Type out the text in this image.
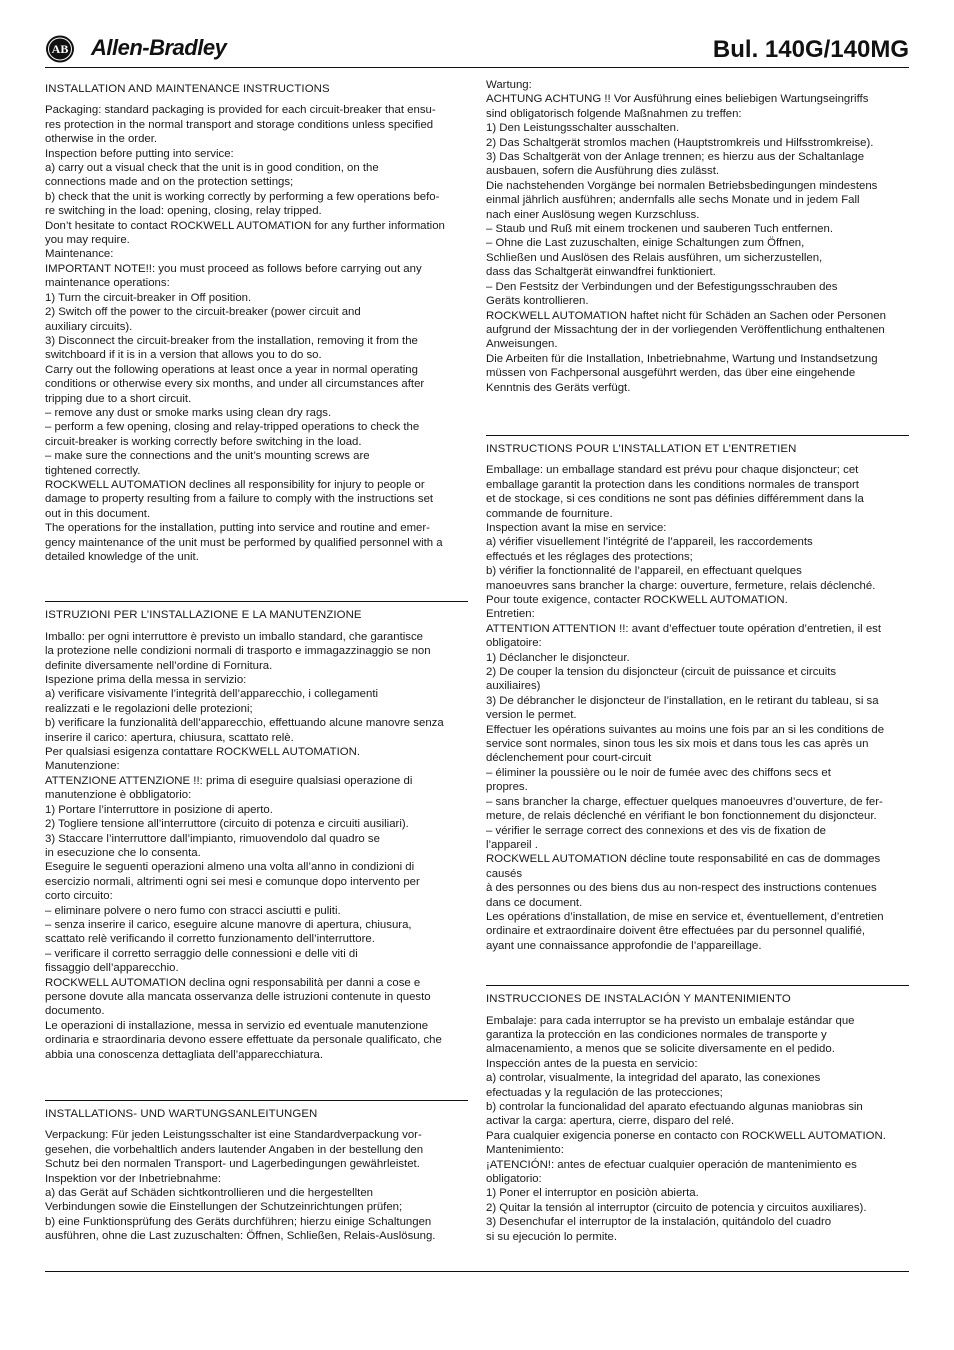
AB Allen-Bradley	Bul. 140G/140MG
INSTALLATION AND MAINTENANCE INSTRUCTIONS
Packaging: standard packaging is provided for each circuit-breaker that ensu-
res protection in the normal transport and storage conditions unless specified
otherwise in the order.
Inspection before putting into service:
a) carry out a visual check that the unit is in good condition, on the
connections made and on the protection settings;
b) check that the unit is working correctly by performing a few operations befo-
re switching in the load: opening, closing, relay tripped.
Don’t hesitate to contact ROCKWELL AUTOMATION for any further information
you may require.
Maintenance:
IMPORTANT NOTE!!: you must proceed as follows before carrying out any
maintenance operations:
1) Turn the circuit-breaker in Off position.
2) Switch off the power to the circuit-breaker (power circuit and
auxiliary circuits).
3) Disconnect the circuit-breaker from the installation, removing it from the
switchboard if it is in a version that allows you to do so.
Carry out the following operations at least once a year in normal operating
conditions or otherwise every six months, and under all circumstances after
tripping due to a short circuit.
– remove any dust or smoke marks using clean dry rags.
– perform a few opening, closing and relay-tripped operations to check the
circuit-breaker is working correctly before switching in the load.
– make sure the connections and the unit’s mounting screws are
tightened correctly.
ROCKWELL AUTOMATION declines all responsibility for injury to people or
damage to property resulting from a failure to comply with the instructions set
out in this document.
The operations for the installation, putting into service and routine and emer-
gency maintenance of the unit must be performed by qualified personnel with a
detailed knowledge of the unit.
ISTRUZIONI PER L’INSTALLAZIONE E LA MANUTENZIONE
Imballo: per ogni interruttore è previsto un imballo standard, che garantisce
la protezione nelle condizioni normali di trasporto e immagazzinaggio se non
definite diversamente nell’ordine di Fornitura.
Ispezione prima della messa in servizio:
a) verificare visivamente l’integrità dell’apparecchio, i collegamenti
realizzati e le regolazioni delle protezioni;
b) verificare la funzionalità dell’apparecchio, effettuando alcune manovre senza
inserire il carico: apertura, chiusura, scattato relè.
Per qualsiasi esigenza contattare ROCKWELL AUTOMATION.
Manutenzione:
ATTENZIONE ATTENZIONE !!: prima di eseguire qualsiasi operazione di
manutenzione è obbligatorio:
1) Portare l’interruttore in posizione di aperto.
2) Togliere tensione all’interruttore (circuito di potenza e circuiti ausiliari).
3) Staccare l’interruttore dall’impianto, rimuovendolo dal quadro se
in esecuzione che lo consenta.
Eseguire le seguenti operazioni almeno una volta all’anno in condizioni di
esercizio normali, altrimenti ogni sei mesi e comunque dopo intervento per
corto circuito:
– eliminare polvere o nero fumo con stracci asciutti e puliti.
– senza inserire il carico, eseguire alcune manovre di apertura, chiusura,
scattato relè verificando il corretto funzionamento dell’interruttore.
– verificare il corretto serraggio delle connessioni e delle viti di
fissaggio dell’apparecchio.
ROCKWELL AUTOMATION declina ogni responsabilità per danni a cose e
persone dovute alla mancata osservanza delle istruzioni contenute in questo
documento.
Le operazioni di installazione, messa in servizio ed eventuale manutenzione
ordinaria e straordinaria devono essere effettuate da personale qualificato, che
abbia una conoscenza dettagliata dell’apparecchiatura.
INSTALLATIONS- UND WARTUNGSANLEITUNGEN
Verpackung: Für jeden Leistungsschalter ist eine Standardverpackung vor-
gesehen, die vorbehaltlich anders lautender Angaben in der bestellung den
Schutz bei den normalen Transport- und Lagerbedingungen gewährleistet.
Inspektion vor der Inbetriebnahme:
a) das Gerät auf Schäden sichtkontrollieren und die hergestellten
Verbindungen sowie die Einstellungen der Schutzeinrichtungen prüfen;
b) eine Funktionsprüfung des Geräts durchführen; hierzu einige Schaltungen
ausführen, ohne die Last zuzuschalten: Öffnen, Schließen, Relais-Auslösung.
Wartung:
ACHTUNG ACHTUNG !! Vor Ausführung eines beliebigen Wartungseingriffs
sind obligatorisch folgende Maßnahmen zu treffen:
1) Den Leistungsschalter ausschalten.
2) Das Schaltgerät stromlos machen (Hauptstromkreis und Hilfsstromkreise).
3) Das Schaltgerät von der Anlage trennen; es hierzu aus der Schaltanlage
ausbauen, sofern die Ausführung dies zulässt.
Die nachstehenden Vorgänge bei normalen Betriebsbedingungen mindestens
einmal jährlich ausführen; andernfalls alle sechs Monate und in jedem Fall
nach einer Auslösung wegen Kurzschluss.
– Staub und Ruß mit einem trockenen und sauberen Tuch entfernen.
– Ohne die Last zuzuschalten, einige Schaltungen zum Öffnen,
Schließen und Auslösen des Relais ausführen, um sicherzustellen,
dass das Schaltgerät einwandfrei funktioniert.
– Den Festsitz der Verbindungen und der Befestigungsschrauben des
Geräts kontrollieren.
ROCKWELL AUTOMATION haftet nicht für Schäden an Sachen oder Personen
aufgrund der Missachtung der in der vorliegenden Veröffentlichung enthaltenen
Anweisungen.
Die Arbeiten für die Installation, Inbetriebnahme, Wartung und Instandsetzung
müssen von Fachpersonal ausgeführt werden, das über eine eingehende
Kenntnis des Geräts verfügt.
INSTRUCTIONS POUR L’INSTALLATION ET L’ENTRETIEN
Emballage: un emballage standard est prévu pour chaque disjoncteur; cet
emballage garantit la protection dans les conditions normales de transport
et de stockage, si ces conditions ne sont pas définies différemment dans la
commande de fourniture.
Inspection avant la mise en service:
a) vérifier visuellement l’intégrité de l’appareil, les raccordements
effectués et les réglages des protections;
b) vérifier la fonctionnalité de l’appareil, en effectuant quelques
manoeuvres sans brancher la charge: ouverture, fermeture, relais déclenché.
Pour toute exigence, contacter ROCKWELL AUTOMATION.
Entretien:
ATTENTION ATTENTION !!: avant d’effectuer toute opération d’entretien, il est
obligatoire:
1) Déclancher le disjoncteur.
2) De couper la tension du disjoncteur (circuit de puissance et circuits
auxiliaires)
3) De débrancher le disjoncteur de l’installation, en le retirant du tableau, si sa
version le permet.
Effectuer les opérations suivantes au moins une fois par an si les conditions de
service sont normales, sinon tous les six mois et dans tous les cas après un
déclenchement pour court-circuit
– éliminer la poussière ou le noir de fumée avec des chiffons secs et
propres.
– sans brancher la charge, effectuer quelques manoeuvres d’ouverture, de fer-
meture, de relais déclenché en vérifiant le bon fonctionnement du disjoncteur.
– vérifier le serrage correct des connexions et des vis de fixation de
l’appareil .
ROCKWELL AUTOMATION décline toute responsabilité en cas de dommages
causés
à des personnes ou des biens dus au non-respect des instructions contenues
dans ce document.
Les opérations d’installation, de mise en service et, éventuellement, d’entretien
ordinaire et extraordinaire doivent être effectuées par du personnel qualifié,
ayant une connaissance approfondie de l’appareillage.
INSTRUCCIONES DE INSTALACIÓN Y MANTENIMIENTO
Embalaje: para cada interruptor se ha previsto un embalaje estándar que
garantiza la protección en las condiciones normales de transporte y
almacenamiento, a menos que se solicite diversamente en el pedido.
Inspección antes de la puesta en servicio:
a) controlar, visualmente, la integridad del aparato, las conexiones
efectuadas y la regulación de las protecciones;
b) controlar la funcionalidad del aparato efectuando algunas maniobras sin
activar la carga: apertura, cierre, disparo del relé.
Para cualquier exigencia ponerse en contacto con ROCKWELL AUTOMATION.
Mantenimiento:
¡ATENCIÓN!: antes de efectuar cualquier operación de mantenimiento es
obligatorio:
1) Poner el interruptor en posiciòn abierta.
2) Quitar la tensión al interruptor (circuito de potencia y circuitos auxiliares).
3) Desenchufar el interruptor de la instalación, quitándolo del cuadro
si su ejecución lo permite.
